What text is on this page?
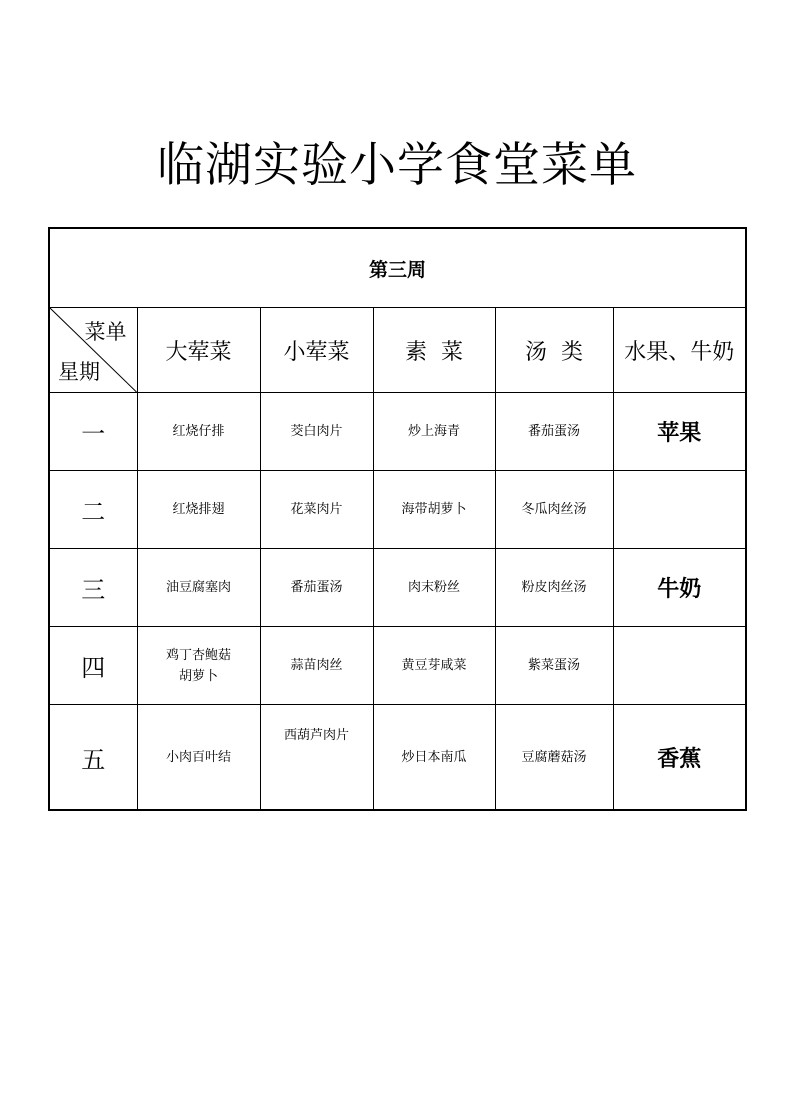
临湖实验小学食堂菜单
第三周					

菜单
星期	大荤菜	小荤菜	素  菜	汤  类	水果、牛奶
一	红烧仔排	茭白肉片	炒上海青	番茄蛋汤	苹果
二	红烧排翅	花菜肉片	海带胡萝卜	冬瓜肉丝汤	
三	油豆腐塞肉	番茄蛋汤	肉末粉丝	粉皮肉丝汤	牛奶
四	鸡丁杏鲍菇
胡萝卜	蒜苗肉丝	黄豆芽咸菜	紫菜蛋汤	
五	小肉百叶结	西葫芦肉片	炒日本南瓜	豆腐蘑菇汤	香蕉
